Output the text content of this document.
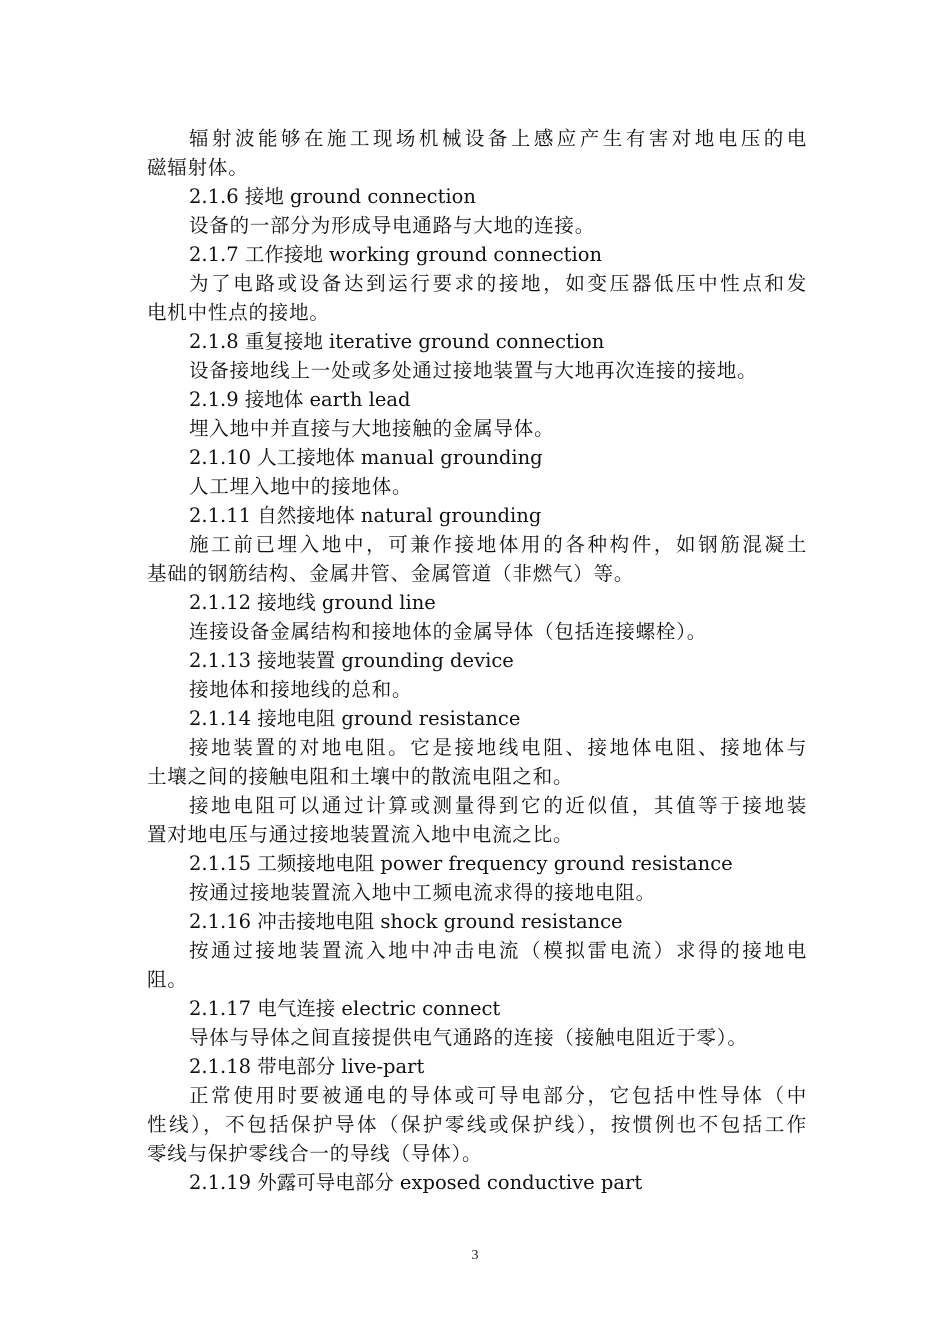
辐射波能够在施工现场机械设备上感应产生有害对地电压的电
磁辐射体。
2.1.6 接地 ground connection
设备的一部分为形成导电通路与大地的连接。
2.1.7 工作接地 working ground connection
为了电路或设备达到运行要求的接地，如变压器低压中性点和发
电机中性点的接地。
2.1.8 重复接地 iterative ground connection
设备接地线上一处或多处通过接地装置与大地再次连接的接地。
2.1.9 接地体 earth lead
埋入地中并直接与大地接触的金属导体。
2.1.10 人工接地体 manual grounding
人工埋入地中的接地体。
2.1.11 自然接地体 natural grounding
施工前已埋入地中，可兼作接地体用的各种构件，如钢筋混凝土
基础的钢筋结构、金属井管、金属管道（非燃气）等。
2.1.12 接地线 ground line
连接设备金属结构和接地体的金属导体（包括连接螺栓）。
2.1.13 接地装置 grounding device
接地体和接地线的总和。
2.1.14 接地电阻 ground resistance
接地装置的对地电阻。它是接地线电阻、接地体电阻、接地体与
土壤之间的接触电阻和土壤中的散流电阻之和。
接地电阻可以通过计算或测量得到它的近似值，其值等于接地装
置对地电压与通过接地装置流入地中电流之比。
2.1.15 工频接地电阻 power frequency ground resistance
按通过接地装置流入地中工频电流求得的接地电阻。
2.1.16 冲击接地电阻 shock ground resistance
按通过接地装置流入地中冲击电流（模拟雷电流）求得的接地电
阻。
2.1.17 电气连接 electric connect
导体与导体之间直接提供电气通路的连接（接触电阻近于零）。
2.1.18 带电部分 live-part
正常使用时要被通电的导体或可导电部分，它包括中性导体（中
性线），不包括保护导体（保护零线或保护线），按惯例也不包括工作
零线与保护零线合一的导线（导体）。
2.1.19 外露可导电部分 exposed conductive part
3
